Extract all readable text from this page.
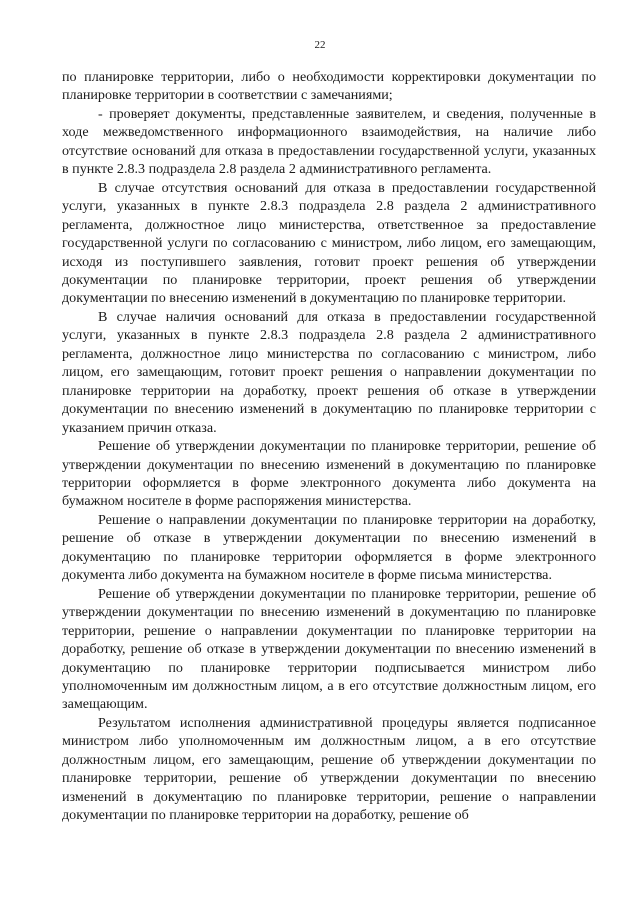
22

по планировке территории, либо о необходимости корректировки документации по планировке территории в соответствии с замечаниями;

- проверяет документы, представленные заявителем, и сведения, полученные в ходе межведомственного информационного взаимодействия, на наличие либо отсутствие оснований для отказа в предоставлении государственной услуги, указанных в пункте 2.8.3 подраздела 2.8 раздела 2 административного регламента.

В случае отсутствия оснований для отказа в предоставлении государственной услуги, указанных в пункте 2.8.3 подраздела 2.8 раздела 2 административного регламента, должностное лицо министерства, ответственное за предоставление государственной услуги по согласованию с министром, либо лицом, его замещающим, исходя из поступившего заявления, готовит проект решения об утверждении документации по планировке территории, проект решения об утверждении документации по внесению изменений в документацию по планировке территории.

В случае наличия оснований для отказа в предоставлении государственной услуги, указанных в пункте 2.8.3 подраздела 2.8 раздела 2 административного регламента, должностное лицо министерства по согласованию с министром, либо лицом, его замещающим, готовит проект решения о направлении документации по планировке территории на доработку, проект решения об отказе в утверждении документации по внесению изменений в документацию по планировке территории с указанием причин отказа.

Решение об утверждении документации по планировке территории, решение об утверждении документации по внесению изменений в документацию по планировке территории оформляется в форме электронного документа либо документа на бумажном носителе в форме распоряжения министерства.

Решение о направлении документации по планировке территории на доработку, решение об отказе в утверждении документации по внесению изменений в документацию по планировке территории оформляется в форме электронного документа либо документа на бумажном носителе в форме письма министерства.

Решение об утверждении документации по планировке территории, решение об утверждении документации по внесению изменений в документацию по планировке территории, решение о направлении документации по планировке территории на доработку, решение об отказе в утверждении документации по внесению изменений в документацию по планировке территории подписывается министром либо уполномоченным им должностным лицом, а в его отсутствие должностным лицом, его замещающим.

Результатом исполнения административной процедуры является подписанное министром либо уполномоченным им должностным лицом, а в его отсутствие должностным лицом, его замещающим, решение об утверждении документации по планировке территории, решение об утверждении документации по внесению изменений в документацию по планировке территории, решение о направлении документации по планировке территории на доработку, решение об
